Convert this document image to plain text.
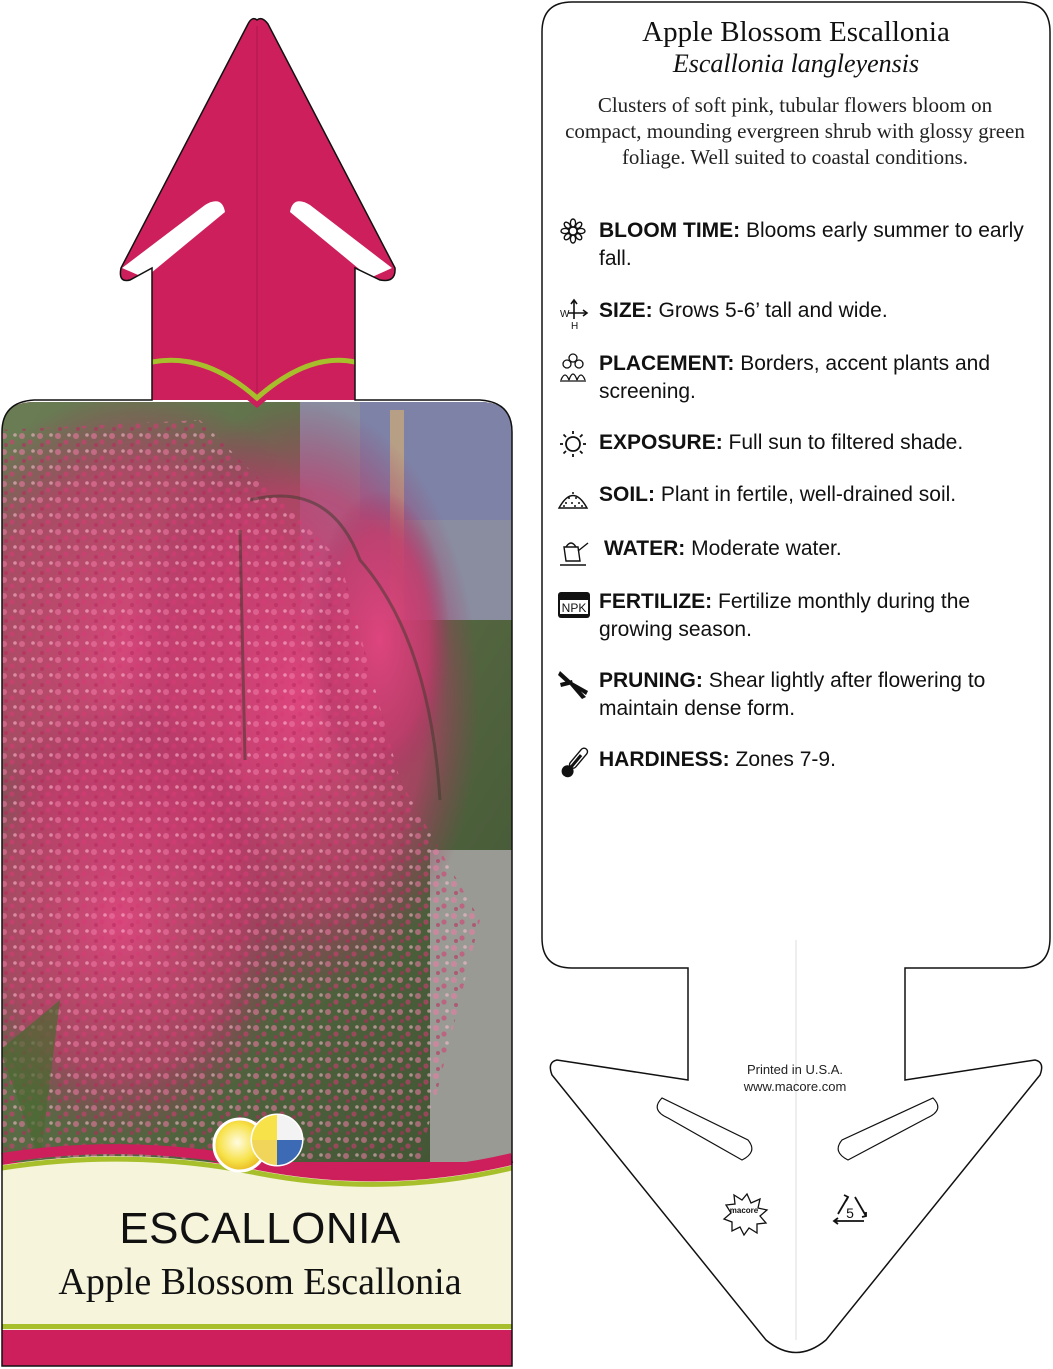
ESCALLONIA
Apple Blossom Escallonia
Apple Blossom Escallonia
Escallonia langleyensis
Clusters of soft pink, tubular flowers bloom on compact, mounding evergreen shrub with glossy green foliage. Well suited to coastal conditions.
BLOOM TIME: Blooms early summer to early fall.
W
H
SIZE: Grows 5-6’ tall and wide.
PLACEMENT: Borders, accent plants and screening.
EXPOSURE: Full sun to filtered shade.
SOIL: Plant in fertile, well-drained soil.
WATER: Moderate water.
NPK FERTILIZE: Fertilize monthly during the growing season.
PRUNING: Shear lightly after flowering to maintain dense form.
HARDINESS: Zones 7-9.
Printed in U.S.A.
www.macore.com
macore	5
